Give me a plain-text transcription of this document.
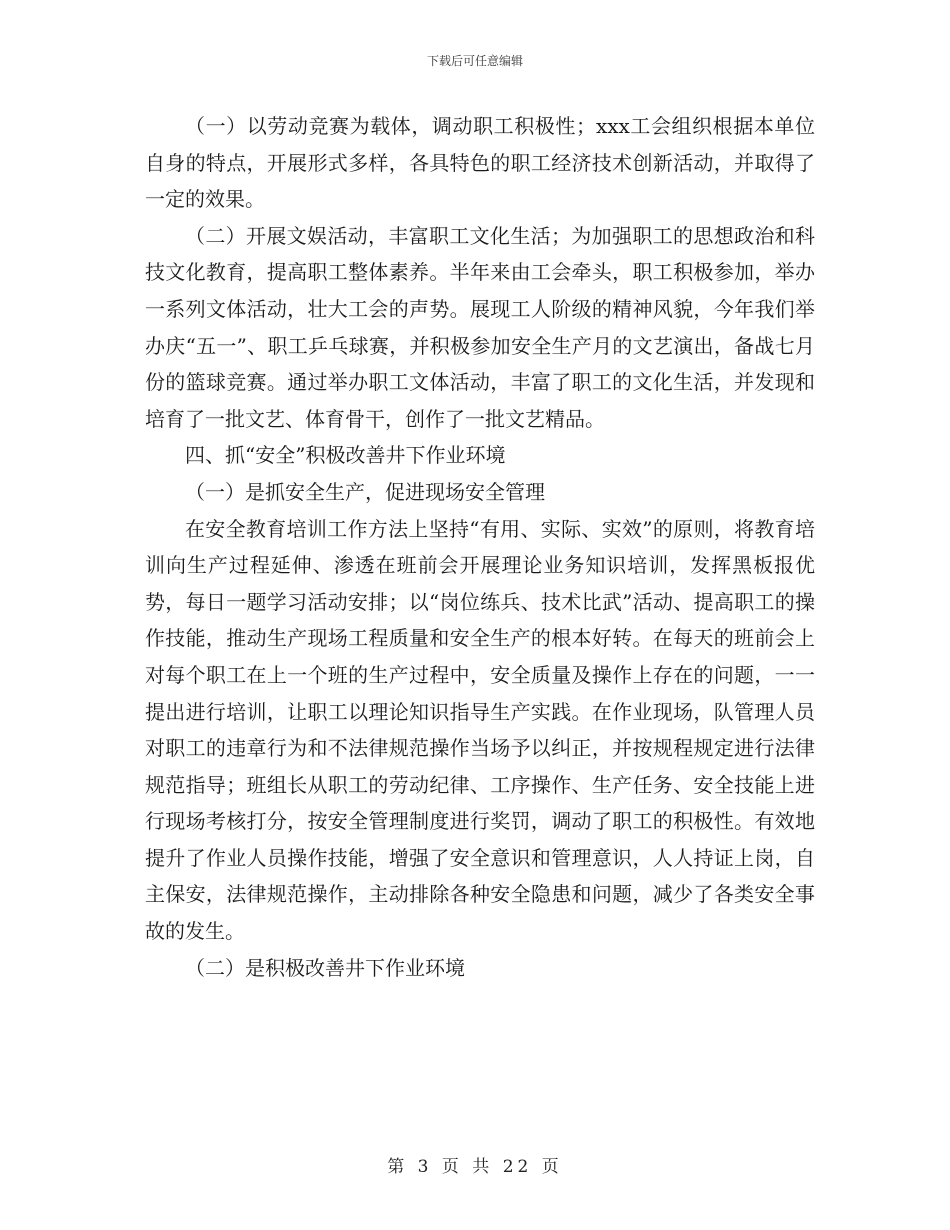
下载后可任意编辑

（一）以劳动竞赛为载体，调动职工积极性；xxx工会组织根据本单位自身的特点，开展形式多样，各具特色的职工经济技术创新活动，并取得了一定的效果。

（二）开展文娱活动，丰富职工文化生活；为加强职工的思想政治和科技文化教育，提高职工整体素养。半年来由工会牵头，职工积极参加，举办一系列文体活动，壮大工会的声势。展现工人阶级的精神风貌，今年我们举办庆“五一”、职工乒乓球赛，并积极参加安全生产月的文艺演出，备战七月份的篮球竞赛。通过举办职工文体活动，丰富了职工的文化生活，并发现和培育了一批文艺、体育骨干，创作了一批文艺精品。

四、抓“安全”积极改善井下作业环境

（一）是抓安全生产，促进现场安全管理

在安全教育培训工作方法上坚持“有用、实际、实效”的原则，将教育培训向生产过程延伸、渗透在班前会开展理论业务知识培训，发挥黑板报优势，每日一题学习活动安排；以“岗位练兵、技术比武”活动、提高职工的操作技能，推动生产现场工程质量和安全生产的根本好转。在每天的班前会上对每个职工在上一个班的生产过程中，安全质量及操作上存在的问题，一一提出进行培训，让职工以理论知识指导生产实践。在作业现场，队管理人员对职工的违章行为和不法律规范操作当场予以纠正，并按规程规定进行法律规范指导；班组长从职工的劳动纪律、工序操作、生产任务、安全技能上进行现场考核打分，按安全管理制度进行奖罚，调动了职工的积极性。有效地提升了作业人员操作技能，增强了安全意识和管理意识，人人持证上岗，自主保安，法律规范操作，主动排除各种安全隐患和问题，减少了各类安全事故的发生。

（二）是积极改善井下作业环境

第 3 页 共 22 页
